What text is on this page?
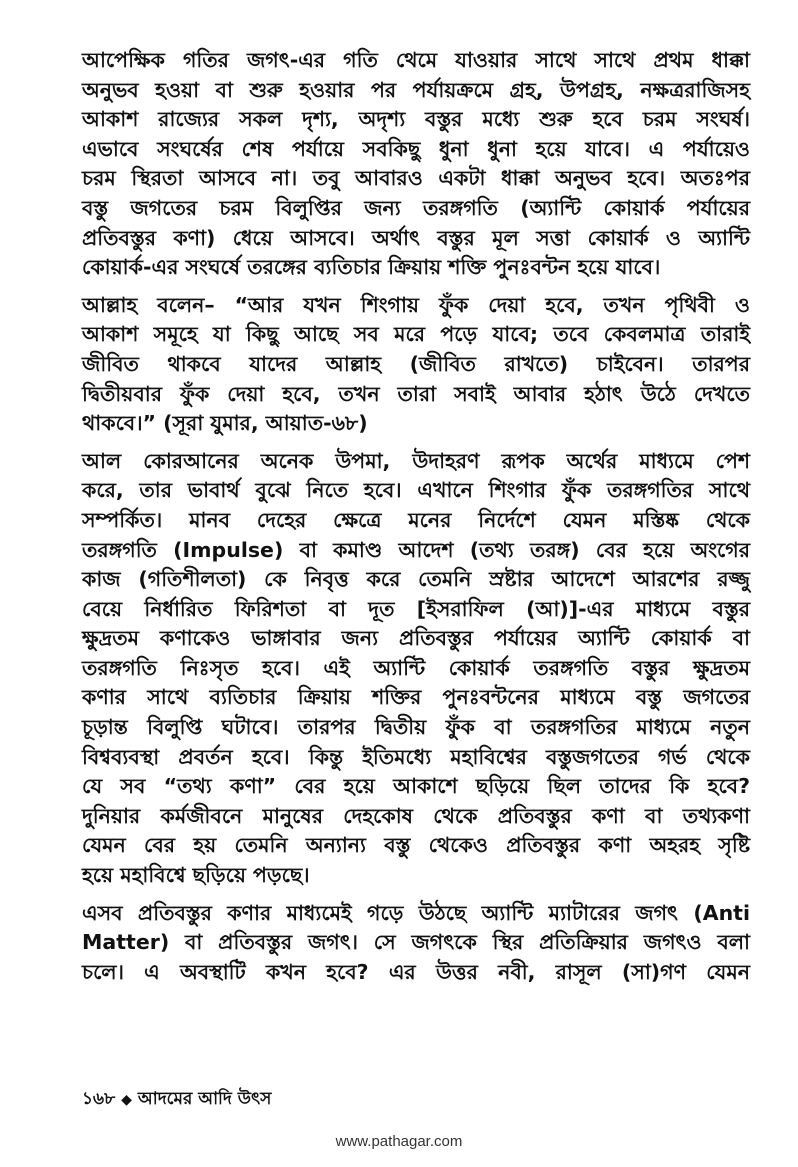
আপেক্ষিক গতির জগৎ-এর গতি থেমে যাওয়ার সাথে সাথে প্রথম ধাক্কা
অনুভব হওয়া বা শুরু হওয়ার পর পর্যায়ক্রমে গ্রহ, উপগ্রহ, নক্ষত্ররাজিসহ
আকাশ রাজ্যের সকল দৃশ্য, অদৃশ্য বস্তুর মধ্যে শুরু হবে চরম সংঘর্ষ।
এভাবে সংঘর্ষের শেষ পর্যায়ে সবকিছু ধুনা ধুনা হয়ে যাবে। এ পর্যায়েও
চরম স্থিরতা আসবে না। তবু আবারও একটা ধাক্কা অনুভব হবে। অতঃপর
বস্তু জগতের চরম বিলুপ্তির জন্য তরঙ্গগতি (অ্যান্টি কোয়ার্ক পর্যায়ের
প্রতিবস্তুর কণা) ধেয়ে আসবে। অর্থাৎ বস্তুর মূল সত্তা কোয়ার্ক ও অ্যান্টি
কোয়ার্ক-এর সংঘর্ষে তরঙ্গের ব্যতিচার ক্রিয়ায় শক্তি পুনঃবন্টন হয়ে যাবে।
আল্লাহ বলেন– “আর যখন শিংগায় ফুঁক দেয়া হবে, তখন পৃথিবী ও
আকাশ সমূহে যা কিছু আছে সব মরে পড়ে যাবে; তবে কেবলমাত্র তারাই
জীবিত থাকবে যাদের আল্লাহ (জীবিত রাখতে) চাইবেন। তারপর
দ্বিতীয়বার ফুঁক দেয়া হবে, তখন তারা সবাই আবার হঠাৎ উঠে দেখতে
থাকবে।” (সূরা যুমার, আয়াত-৬৮)
আল কোরআনের অনেক উপমা, উদাহরণ রূপক অর্থের মাধ্যমে পেশ
করে, তার ভাবার্থ বুঝে নিতে হবে। এখানে শিংগার ফুঁক তরঙ্গগতির সাথে
সম্পর্কিত। মানব দেহের ক্ষেত্রে মনের নির্দেশে যেমন মস্তিষ্ক থেকে
তরঙ্গগতি (Impulse) বা কমাণ্ড আদেশ (তথ্য তরঙ্গ) বের হয়ে অংগের
কাজ (গতিশীলতা) কে নিবৃত্ত করে তেমনি স্রষ্টার আদেশে আরশের রজ্জু
বেয়ে নির্ধারিত ফিরিশতা বা দূত [ইসরাফিল (আ)]-এর মাধ্যমে বস্তুর
ক্ষুদ্রতম কণাকেও ভাঙ্গাবার জন্য প্রতিবস্তুর পর্যায়ের অ্যান্টি কোয়ার্ক বা
তরঙ্গগতি নিঃসৃত হবে। এই অ্যান্টি কোয়ার্ক তরঙ্গগতি বস্তুর ক্ষুদ্রতম
কণার সাথে ব্যতিচার ক্রিয়ায় শক্তির পুনঃবন্টনের মাধ্যমে বস্তু জগতের
চূড়ান্ত বিলুপ্তি ঘটাবে। তারপর দ্বিতীয় ফুঁক বা তরঙ্গগতির মাধ্যমে নতুন
বিশ্বব্যবস্থা প্রবর্তন হবে। কিন্তু ইতিমধ্যে মহাবিশ্বের বস্তুজগতের গর্ভ থেকে
যে সব “তথ্য কণা” বের হয়ে আকাশে ছড়িয়ে ছিল তাদের কি হবে?
দুনিয়ার কর্মজীবনে মানুষের দেহকোষ থেকে প্রতিবস্তুর কণা বা তথ্যকণা
যেমন বের হয় তেমনি অন্যান্য বস্তু থেকেও প্রতিবস্তুর কণা অহরহ সৃষ্টি
হয়ে মহাবিশ্বে ছড়িয়ে পড়ছে।
এসব প্রতিবস্তুর কণার মাধ্যমেই গড়ে উঠছে অ্যান্টি ম্যাটারের জগৎ (Anti
Matter) বা প্রতিবস্তুর জগৎ। সে জগৎকে স্থির প্রতিক্রিয়ার জগৎও বলা
চলে। এ অবস্থাটি কখন হবে? এর উত্তর নবী, রাসূল (সা)গণ যেমন
১৬৮ ◆ আদমের আদি উৎস
www.pathagar.com
